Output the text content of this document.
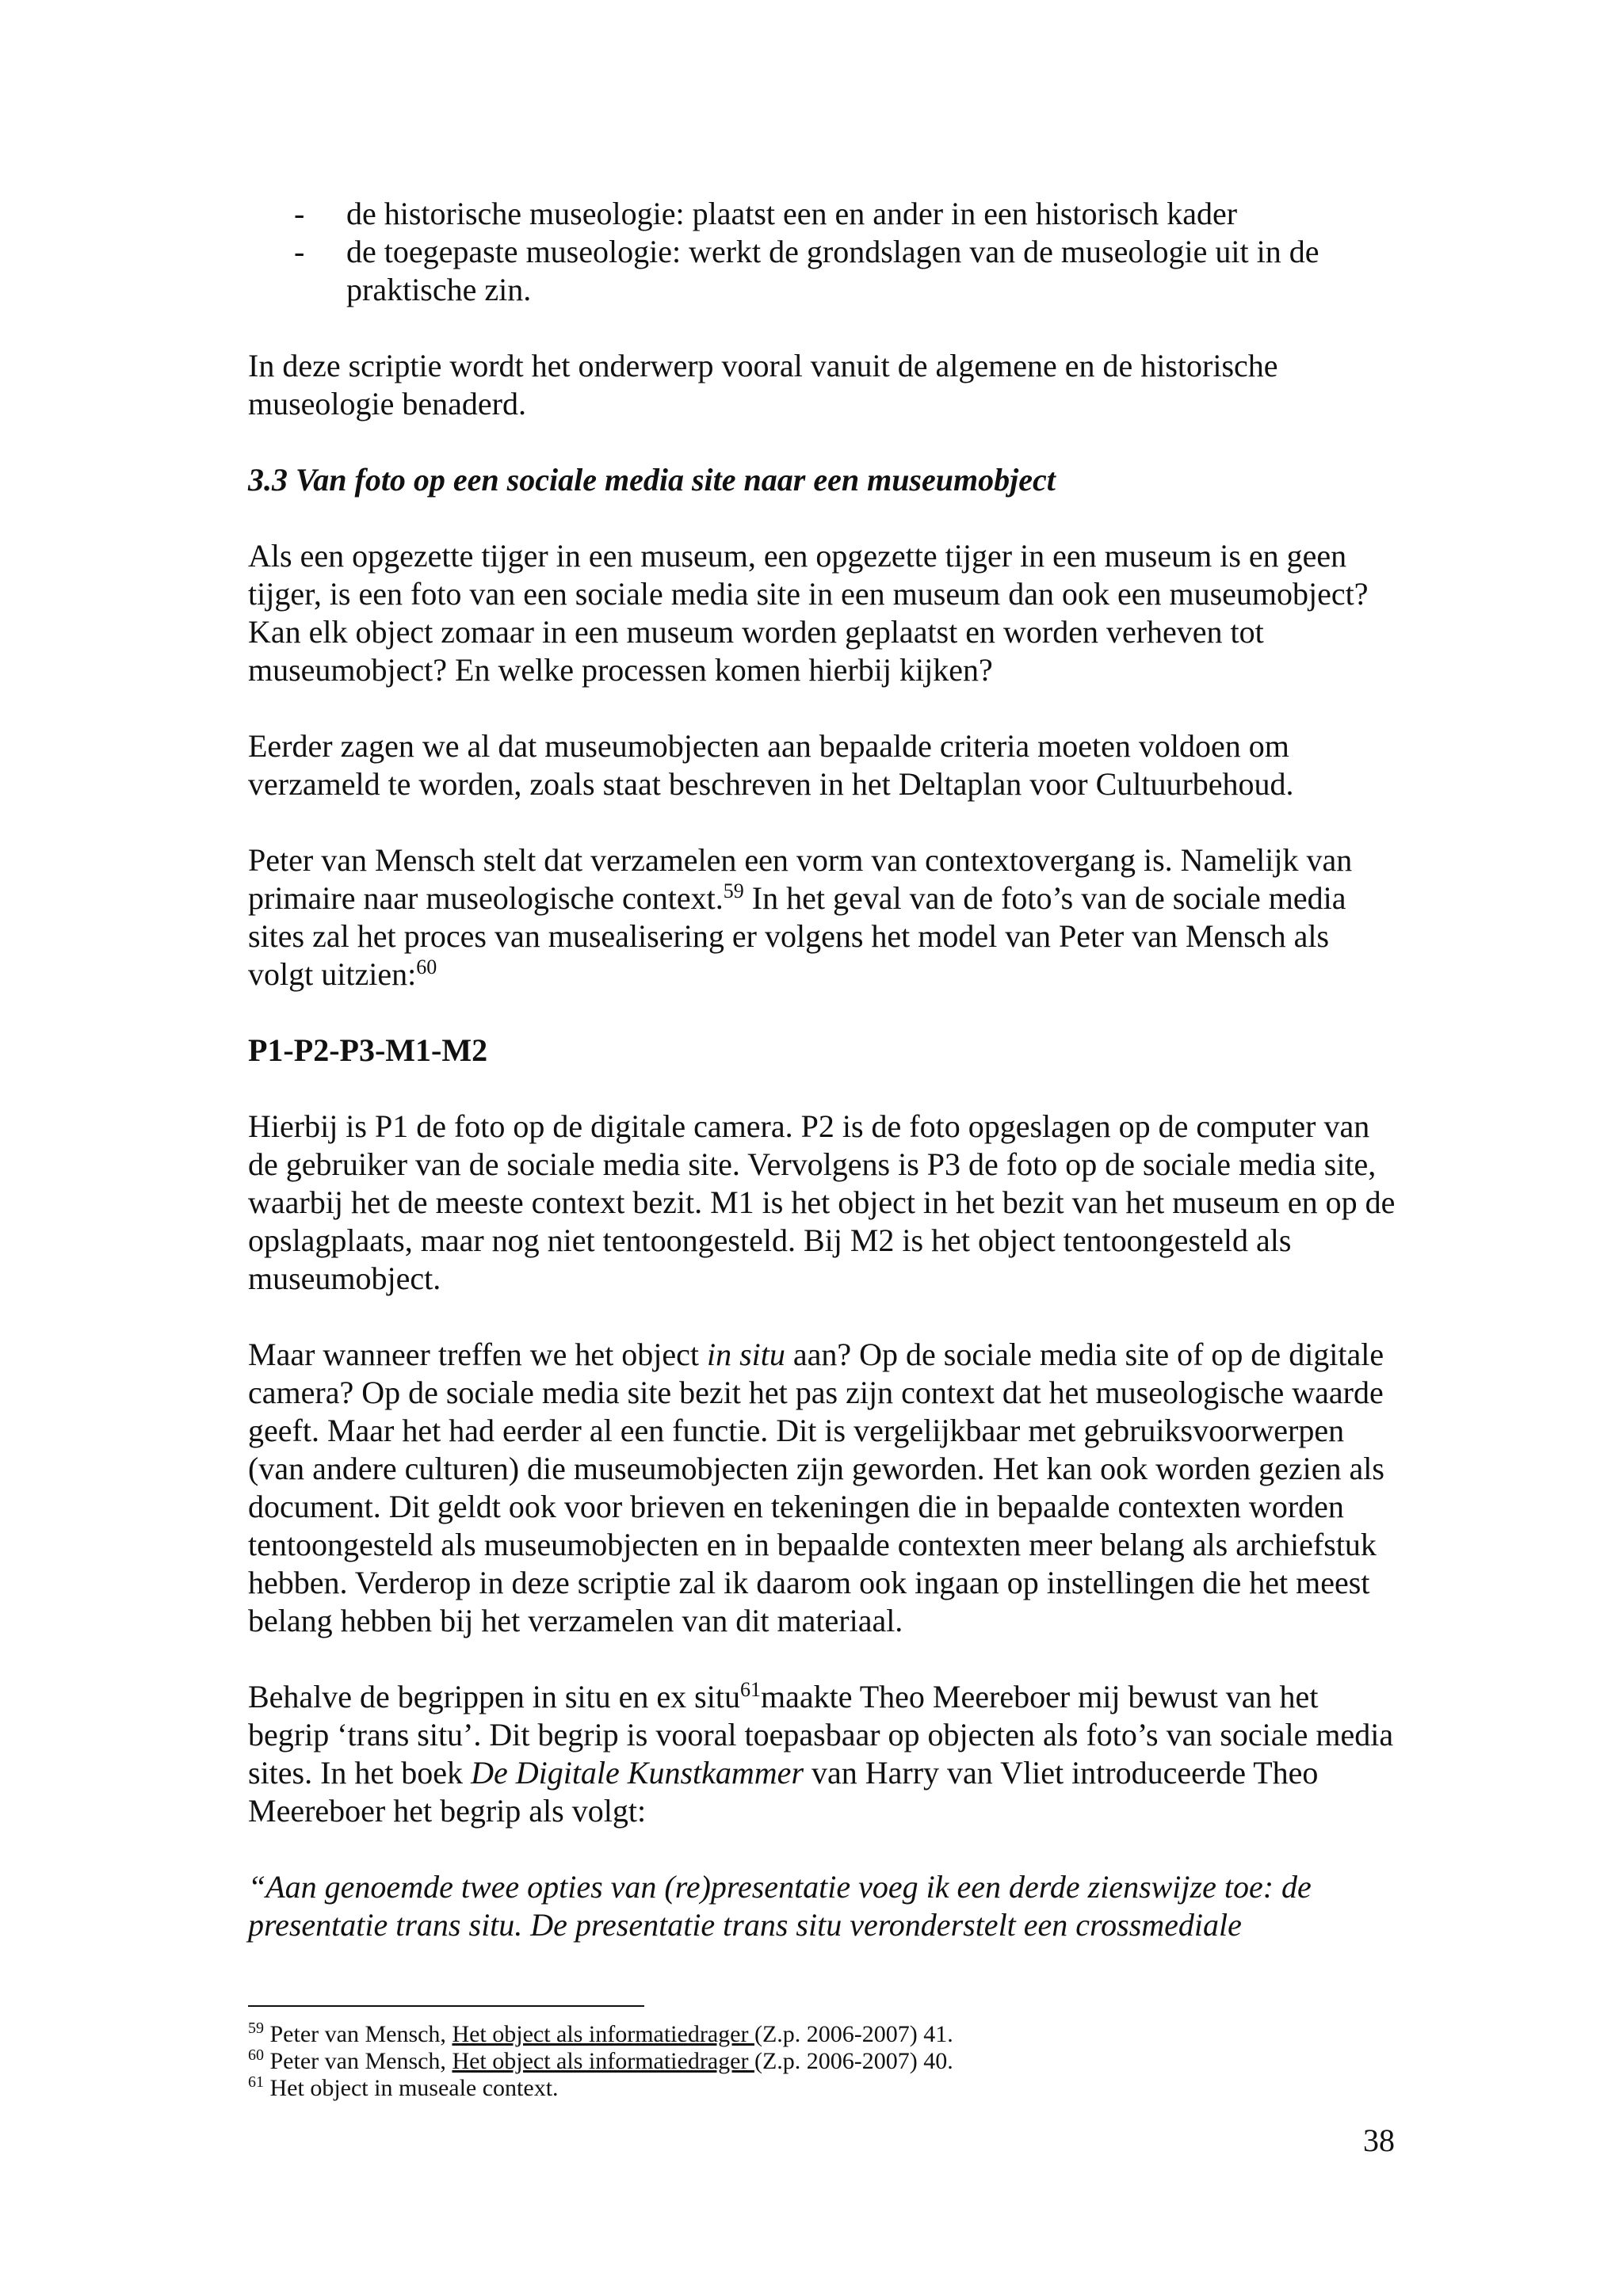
- de historische museologie: plaatst een en ander in een historisch kader
- de toegepaste museologie: werkt de grondslagen van de museologie uit in de
praktische zin.

In deze scriptie wordt het onderwerp vooral vanuit de algemene en de historische museologie benaderd.

3.3 Van foto op een sociale media site naar een museumobject

Als een opgezette tijger in een museum, een opgezette tijger in een museum is en geen tijger, is een foto van een sociale media site in een museum dan ook een museumobject? Kan elk object zomaar in een museum worden geplaatst en worden verheven tot museumobject? En welke processen komen hierbij kijken?

Eerder zagen we al dat museumobjecten aan bepaalde criteria moeten voldoen om verzameld te worden, zoals staat beschreven in het Deltaplan voor Cultuurbehoud.

Peter van Mensch stelt dat verzamelen een vorm van contextovergang is. Namelijk van primaire naar museologische context.$^{59}$ In het geval van de foto’s van de sociale media sites zal het proces van musealisering er volgens het model van Peter van Mensch als volgt uitzien:$^{60}$

P1-P2-P3-M1-M2

Hierbij is P1 de foto op de digitale camera. P2 is de foto opgeslagen op de computer van de gebruiker van de sociale media site. Vervolgens is P3 de foto op de sociale media site, waarbij het de meeste context bezit. M1 is het object in het bezit van het museum en op de opslagplaats, maar nog niet tentoongesteld. Bij M2 is het object tentoongesteld als museumobject.

Maar wanneer treffen we het object in situ aan? Op de sociale media site of op de digitale camera? Op de sociale media site bezit het pas zijn context dat het museologische waarde geeft. Maar het had eerder al een functie. Dit is vergelijkbaar met gebruiksvoorwerpen (van andere culturen) die museumobjecten zijn geworden. Het kan ook worden gezien als document. Dit geldt ook voor brieven en tekeningen die in bepaalde contexten worden tentoongesteld als museumobjecten en in bepaalde contexten meer belang als archiefstuk hebben. Verderop in deze scriptie zal ik daarom ook ingaan op instellingen die het meest belang hebben bij het verzamelen van dit materiaal.

Behalve de begrippen in situ en ex situ$^{61}$maakte Theo Meereboer mij bewust van het begrip ‘trans situ’. Dit begrip is vooral toepasbaar op objecten als foto’s van sociale media sites. In het boek De Digitale Kunstkammer van Harry van Vliet introduceerde Theo Meereboer het begrip als volgt:

“Aan genoemde twee opties van (re)presentatie voeg ik een derde zienswijze toe: de presentatie trans situ. De presentatie trans situ veronderstelt een crossmediale

$^{59}$ Peter van Mensch, Het object als informatiedrager (Z.p. 2006-2007) 41.
$^{60}$ Peter van Mensch, Het object als informatiedrager (Z.p. 2006-2007) 40.
$^{61}$ Het object in museale context.
38
